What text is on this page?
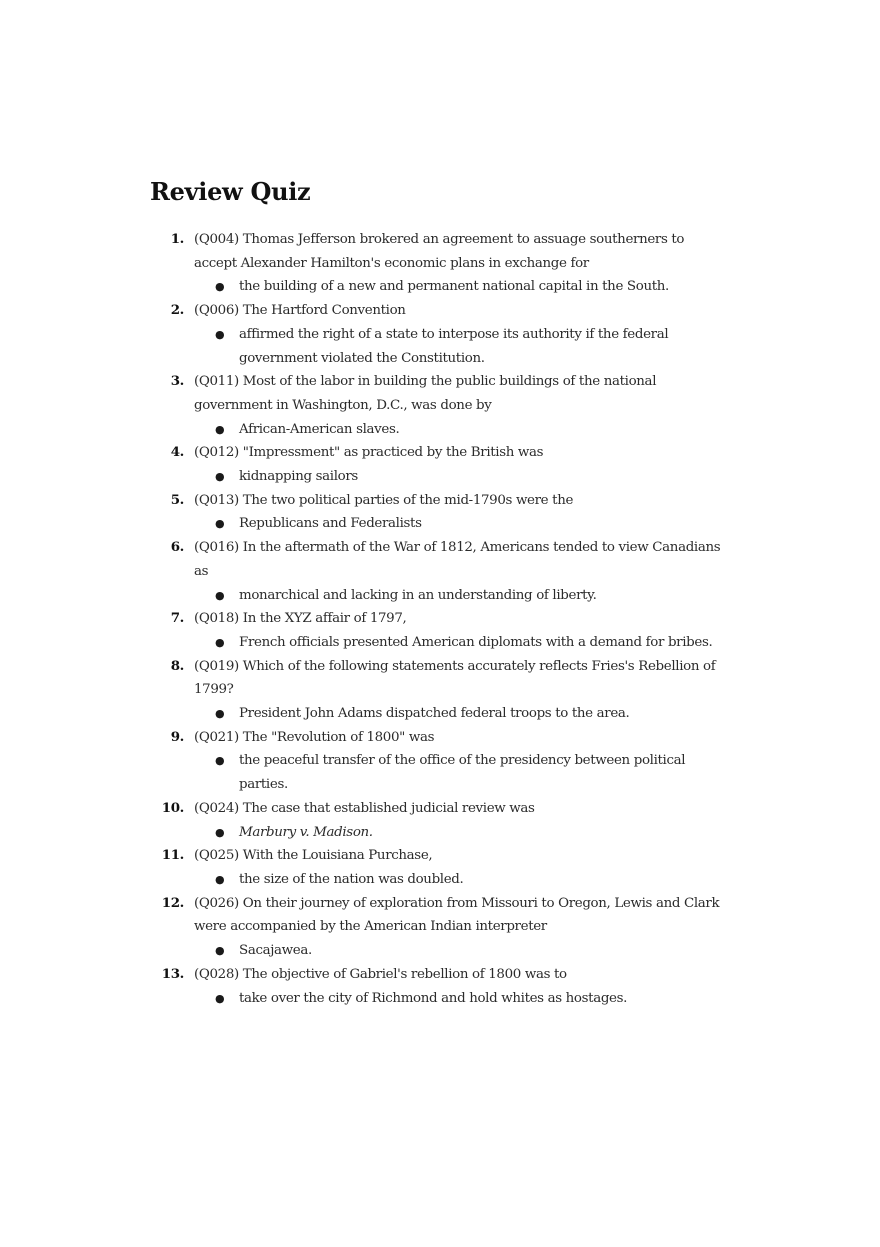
Review Quiz
1. (Q004) Thomas Jefferson brokered an agreement to assuage southerners to accept Alexander Hamilton's economic plans in exchange for
● the building of a new and permanent national capital in the South.
2. (Q006) The Hartford Convention
● affirmed the right of a state to interpose its authority if the federal government violated the Constitution.
3. (Q011) Most of the labor in building the public buildings of the national government in Washington, D.C., was done by
● African-American slaves.
4. (Q012) "Impressment" as practiced by the British was
● kidnapping sailors
5. (Q013) The two political parties of the mid-1790s were the
● Republicans and Federalists
6. (Q016) In the aftermath of the War of 1812, Americans tended to view Canadians as
● monarchical and lacking in an understanding of liberty.
7. (Q018) In the XYZ affair of 1797,
● French officials presented American diplomats with a demand for bribes.
8. (Q019) Which of the following statements accurately reflects Fries's Rebellion of 1799?
● President John Adams dispatched federal troops to the area.
9. (Q021) The "Revolution of 1800" was
● the peaceful transfer of the office of the presidency between political parties.
10. (Q024) The case that established judicial review was
● Marbury v. Madison.
11. (Q025) With the Louisiana Purchase,
● the size of the nation was doubled.
12. (Q026) On their journey of exploration from Missouri to Oregon, Lewis and Clark were accompanied by the American Indian interpreter
● Sacajawea.
13. (Q028) The objective of Gabriel's rebellion of 1800 was to
● take over the city of Richmond and hold whites as hostages.
